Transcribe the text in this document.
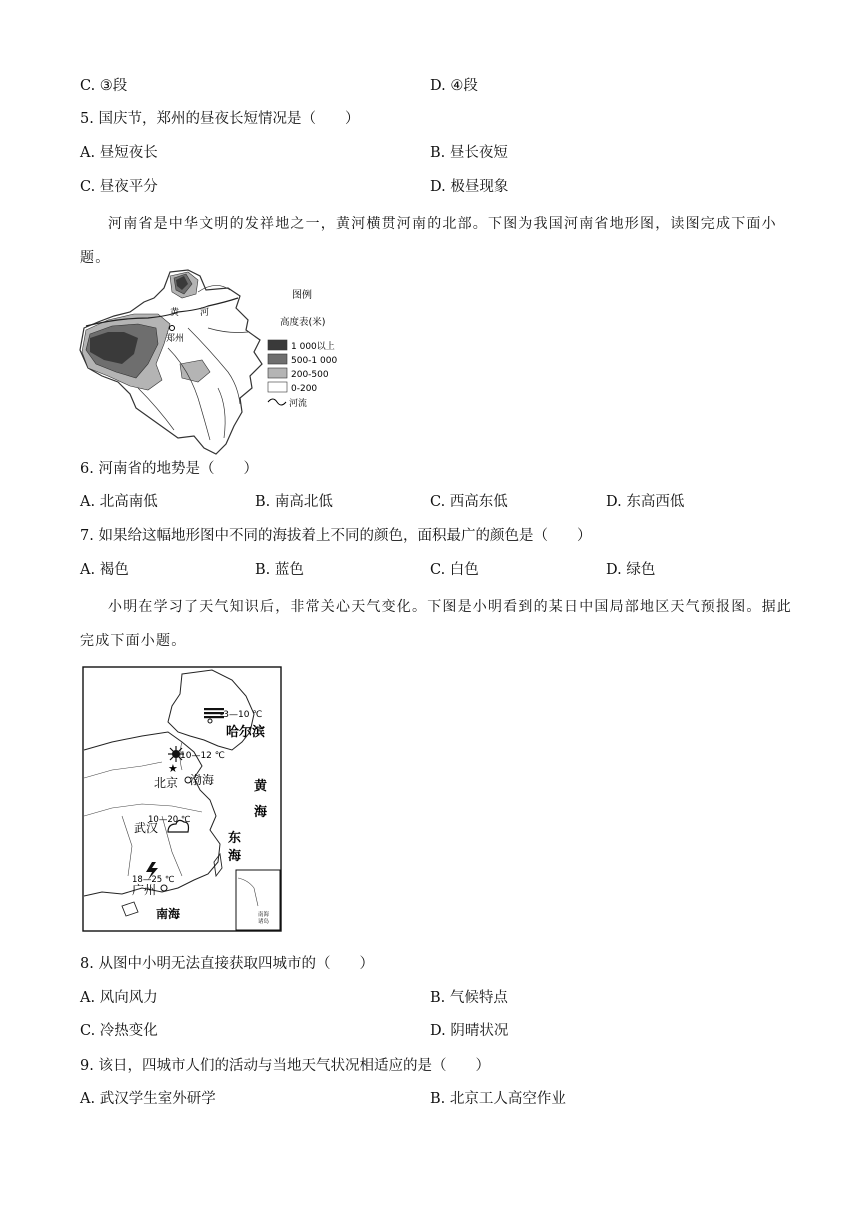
C. ③段	D. ④段
5. 国庆节，郑州的昼夜长短情况是（　　）
A. 昼短夜长	B. 昼长夜短
C. 昼夜平分	D. 极昼现象
河南省是中华文明的发祥地之一，黄河横贯河南的北部。下图为我国河南省地形图，读图完成下面小题。
黄 河
郑州
图例
高度表(米)
1 000以上
500-1 000
200-500
0-200
河流
6. 河南省的地势是（　　）
A. 北高南低	B. 南高北低	C. 西高东低	D. 东高西低
7. 如果给这幅地形图中不同的海拔着上不同的颜色，面积最广的颜色是（　　）
A. 褐色	B. 蓝色	C. 白色	D. 绿色
小明在学习了天气知识后，非常关心天气变化。下图是小明看到的某日中国局部地区天气预报图。据此完成下面小题。
南海
诸岛
-3—10 ℃
哈尔滨
10—12 ℃
★
北京 渤海	黄
海
东
海
南海
10—20 ℃
武汉
18—25 ℃
广州
8. 从图中小明无法直接获取四城市的（　　）
A. 风向风力	B. 气候特点
C. 冷热变化	D. 阴晴状况
9. 该日，四城市人们的活动与当地天气状况相适应的是（　　）
A. 武汉学生室外研学	B. 北京工人高空作业
